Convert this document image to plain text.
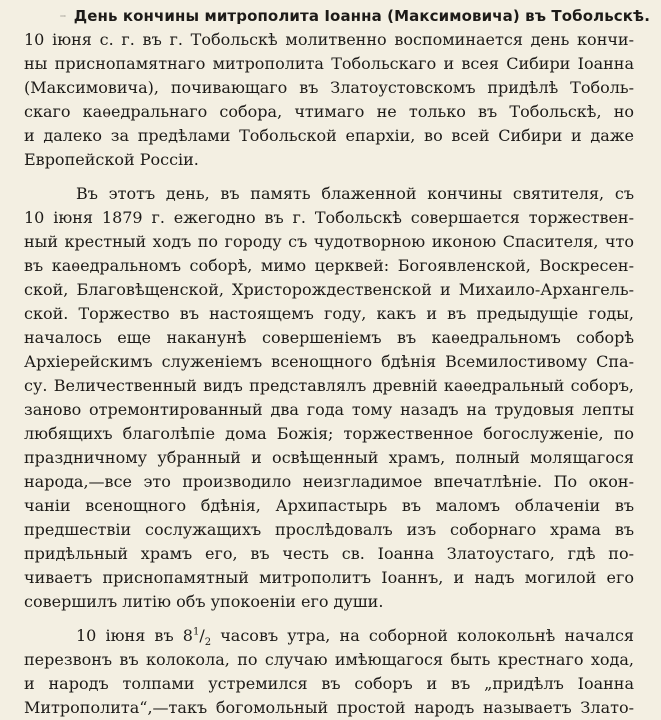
День кончины митрополита Іоанна (Максимовича) въ Тобольскѣ.
10 іюня с. г. въ г. Тобольскѣ молитвенно воспоминается день кончи-
ны приснопамятнаго митрополита Тобольскаго и всея Сибири Іоанна
(Максимовича), почивающаго въ Златоустовскомъ придѣлѣ Тоболь-
скаго каѳедральнаго собора, чтимаго не только въ Тобольскѣ, но
и далеко за предѣлами Тобольской епархіи, во всей Сибири и даже
Европейской Россіи.
Въ этотъ день, въ память блаженной кончины святителя, съ
10 іюня 1879 г. ежегодно въ г. Тобольскѣ совершается торжествен-
ный крестный ходъ по городу съ чудотворною иконою Спасителя, что
въ каѳедральномъ соборѣ, мимо церквей: Богоявленской, Воскресен-
ской, Благовѣщенской, Христорождественской и Михаило-Архангель-
ской. Торжество въ настоящемъ году, какъ и въ предыдущіе годы,
началось еще наканунѣ совершеніемъ въ каѳедральномъ соборѣ
Архіерейскимъ служеніемъ всенощного бдѣнія Всемилостивому Спа-
су. Величественный видъ представлялъ древній каѳедральный соборъ,
заново отремонтированный два года тому назадъ на трудовыя лепты
любящихъ благолѣпіе дома Божія; торжественное богослуженіе, по
праздничному убранный и освѣщенный храмъ, полный молящагося
народа,—все это производило неизгладимое впечатлѣніе. По окон-
чаніи всенощного бдѣнія, Архипастырь въ маломъ облаченіи въ
предшествіи сослужащихъ прослѣдовалъ изъ соборнаго храма въ
придѣльный храмъ его, въ честь св. Іоанна Златоустаго, гдѣ по-
чиваетъ приснопамятный митрополитъ Іоаннъ, и надъ могилой его
совершилъ литію объ упокоеніи его души.
10 іюня въ $8^1/_2$ часовъ утра, на соборной колокольнѣ начался
перезвонъ въ колокола, по случаю имѣющагося быть крестнаго хода,
и народъ толпами устремился въ соборъ и въ „придѣлъ Іоанна
Митрополита“,—такъ богомольный простой народъ называетъ Злато-
